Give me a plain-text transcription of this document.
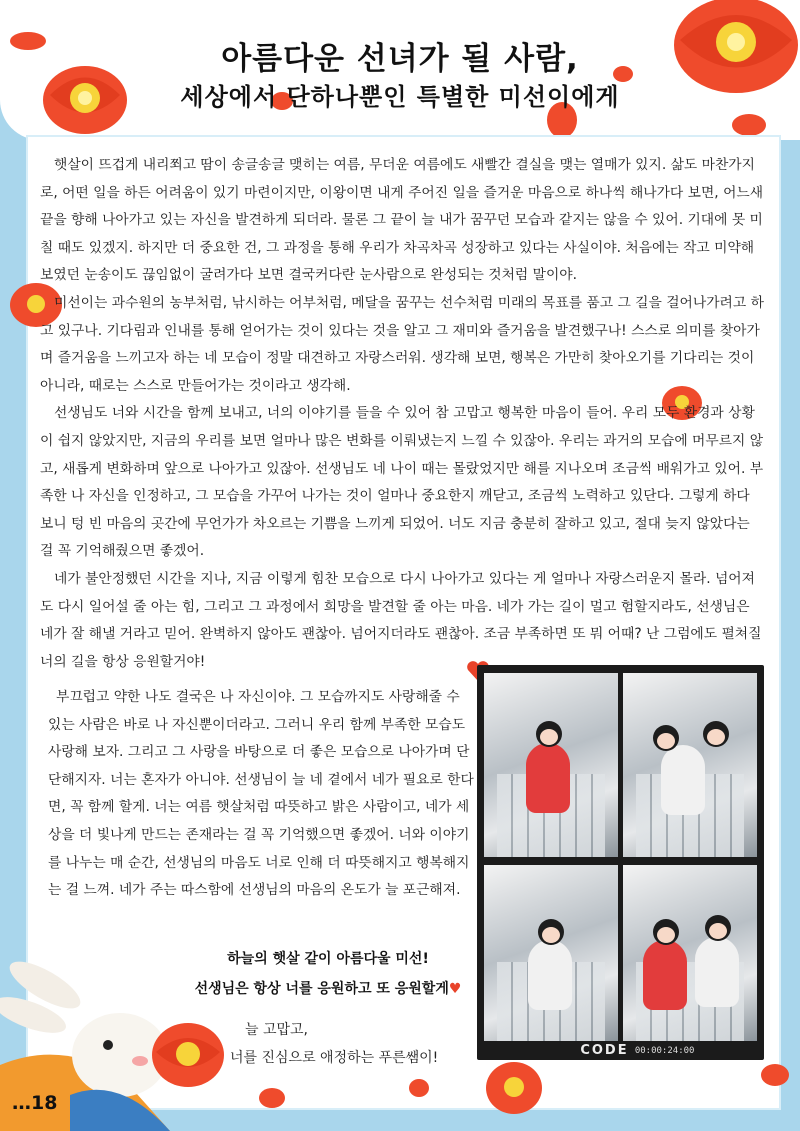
아름다운 선녀가 될 사람,
세상에서 단하나뿐인 특별한 미선이에게

햇살이 뜨겁게 내리쬐고 땀이 송글송글 맺히는 여름, 무더운 여름에도 새빨간 결실을 맺는 열매가 있지. 삶도 마찬가지로, 어떤 일을 하든 어려움이 있기 마련이지만, 이왕이면 내게 주어진 일을 즐거운 마음으로 하나씩 해나가다 보면, 어느새 끝을 향해 나아가고 있는 자신을 발견하게 되더라. 물론 그 끝이 늘 내가 꿈꾸던 모습과 같지는 않을 수 있어. 기대에 못 미칠 때도 있겠지. 하지만 더 중요한 건, 그 과정을 통해 우리가 차곡차곡 성장하고 있다는 사실이야. 처음에는 작고 미약해 보였던 눈송이도 끊임없이 굴려가다 보면 결국커다란 눈사람으로 완성되는 것처럼 말이야.

미선이는 과수원의 농부처럼, 낚시하는 어부처럼, 메달을 꿈꾸는 선수처럼 미래의 목표를 품고 그 길을 걸어나가려고 하고 있구나. 기다림과 인내를 통해 얻어가는 것이 있다는 것을 알고 그 재미와 즐거움을 발견했구나! 스스로 의미를 찾아가며 즐거움을 느끼고자 하는 네 모습이 정말 대견하고 자랑스러워. 생각해 보면, 행복은 가만히 찾아오기를 기다리는 것이 아니라, 때로는 스스로 만들어가는 것이라고 생각해.

선생님도 너와 시간을 함께 보내고, 너의 이야기를 들을 수 있어 참 고맙고 행복한 마음이 들어. 우리 모두 환경과 상황이 쉽지 않았지만, 지금의 우리를 보면 얼마나 많은 변화를 이뤄냈는지 느낄 수 있잖아. 우리는 과거의 모습에 머무르지 않고, 새롭게 변화하며 앞으로 나아가고 있잖아. 선생님도 네 나이 때는 몰랐었지만 해를 지나오며 조금씩 배워가고 있어. 부족한 나 자신을 인정하고, 그 모습을 가꾸어 나가는 것이 얼마나 중요한지 깨닫고, 조금씩 노력하고 있단다. 그렇게 하다 보니 텅 빈 마음의 곳간에 무언가가 차오르는 기쁨을 느끼게 되었어. 너도 지금 충분히 잘하고 있고, 절대 늦지 않았다는 걸 꼭 기억해줬으면 좋겠어.

네가 불안정했던 시간을 지나, 지금 이렇게 힘찬 모습으로 다시 나아가고 있다는 게 얼마나 자랑스러운지 몰라. 넘어져도 다시 일어설 줄 아는 힘, 그리고 그 과정에서 희망을 발견할 줄 아는 마음. 네가 가는 길이 멀고 험할지라도, 선생님은 네가 잘 해낼 거라고 믿어. 완벽하지 않아도 괜찮아. 넘어지더라도 괜찮아. 조금 부족하면 또 뭐 어때? 난 그럼에도 펼쳐질 너의 길을 항상 응원할거야!

부끄럽고 약한 나도 결국은 나 자신이야. 그 모습까지도 사랑해줄 수 있는 사람은 바로 나 자신뿐이더라고. 그러니 우리 함께 부족한 모습도 사랑해 보자. 그리고 그 사랑을 바탕으로 더 좋은 모습으로 나아가며 단단해지자. 너는 혼자가 아니야. 선생님이 늘 네 곁에서 네가 필요로 한다면, 꼭 함께 할게. 너는 여름 햇살처럼 따뜻하고 밝은 사람이고, 네가 세상을 더 빛나게 만드는 존재라는 걸 꼭 기억했으면 좋겠어. 너와 이야기를 나누는 매 순간, 선생님의 마음도 너로 인해 더 따뜻해지고 행복해지는 걸 느껴. 네가 주는 따스함에 선생님의 마음의 온도가 늘 포근해져.

CODE 00:00:24:00
하늘의 햇살 같이 아름다울 미선!
선생님은 항상 너를 응원하고 또 응원할게♥
늘 고맙고,
너를 진심으로 애정하는 푸른쌤이!
…18
